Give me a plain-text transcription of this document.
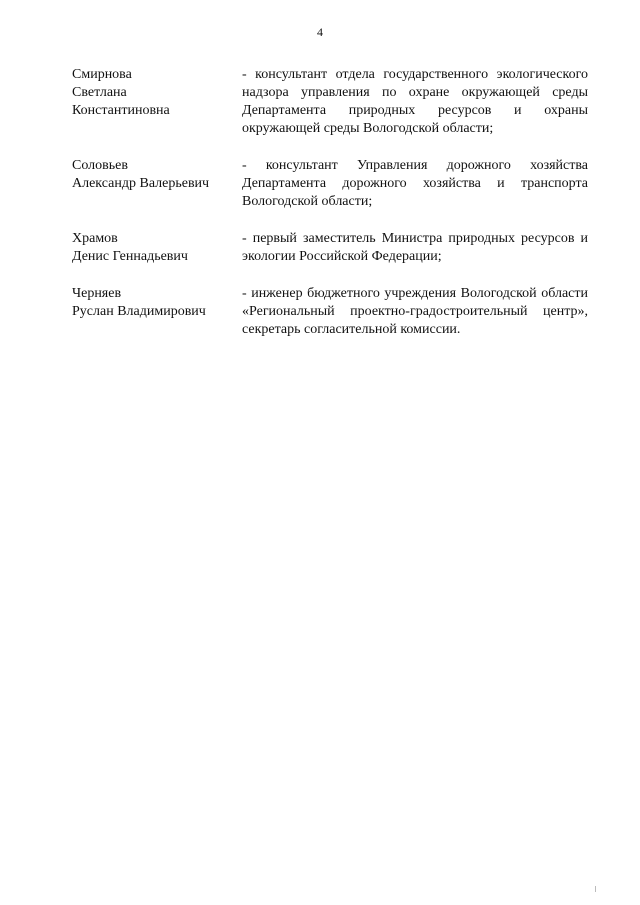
4
Смирнова
Светлана
Константиновна
- консультант отдела государственного экологического надзора управления по охране окружающей среды Департамента природных ресурсов и охраны окружающей среды Вологодской области;
Соловьев
Александр Валерьевич
- консультант Управления дорожного хозяйства Департамента дорожного хозяйства и транспорта Вологодской области;
Храмов
Денис Геннадьевич
- первый заместитель Министра природных ресурсов и экологии Российской Федерации;
Черняев
Руслан Владимирович
- инженер бюджетного учреждения Вологодской области «Региональный проектно-градостроительный центр», секретарь согласительной комиссии.
